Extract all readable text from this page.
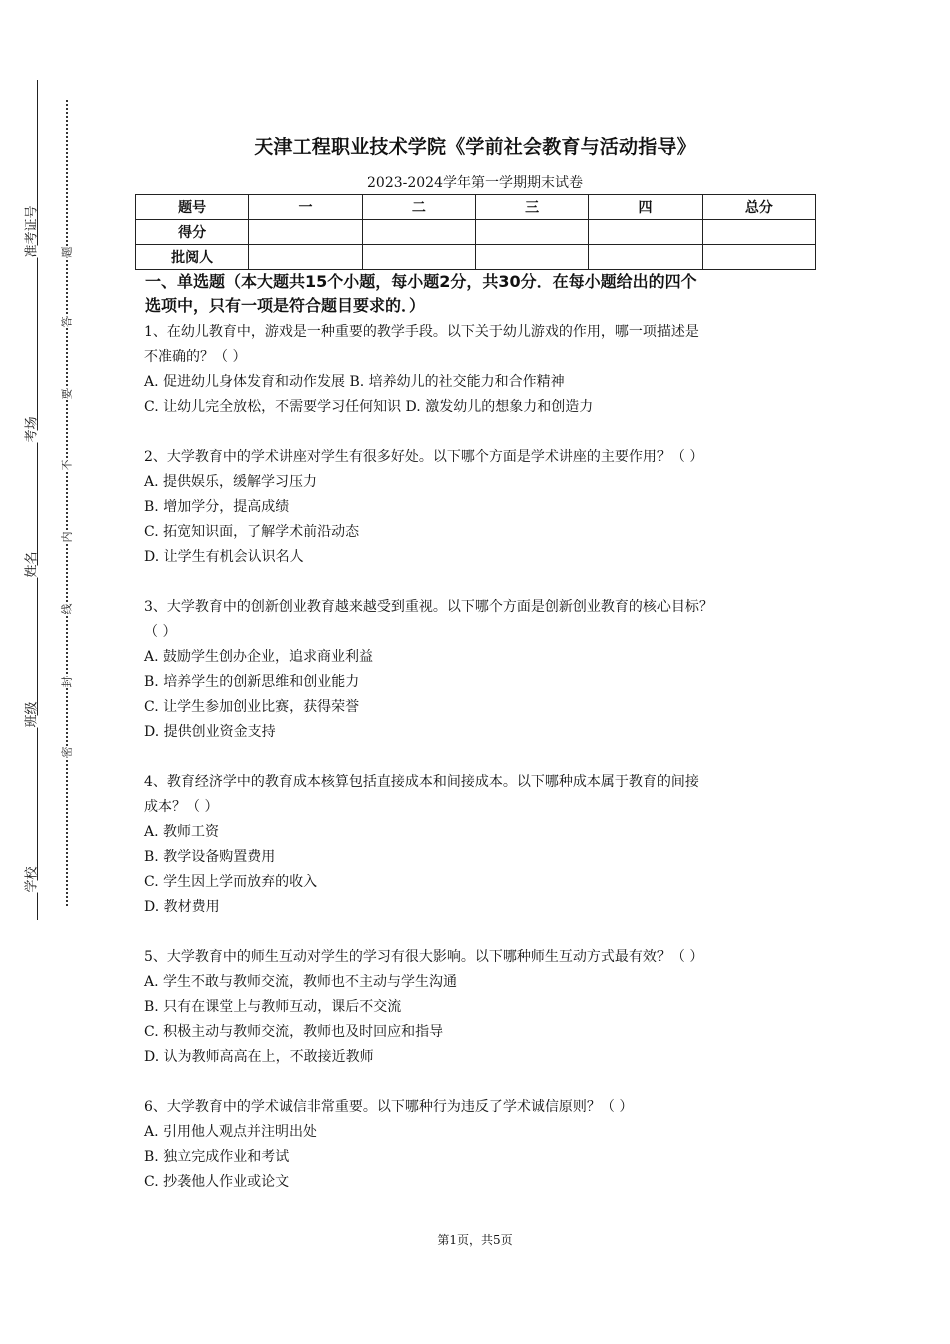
准考证号
考场
姓名
班级
学校
题
答
要
不
内
线
封
密
天津工程职业技术学院《学前社会教育与活动指导》
2023-2024学年第一学期期末试卷
题号	一	二	三	四	总分
得分					
批阅人					
一、单选题（本大题共15个小题，每小题2分，共30分．在每小题给出的四个
选项中，只有一项是符合题目要求的．）
1、在幼儿教育中，游戏是一种重要的教学手段。以下关于幼儿游戏的作用，哪一项描述是
不准确的？（ ）
A. 促进幼儿身体发育和动作发展 B. 培养幼儿的社交能力和合作精神
C. 让幼儿完全放松，不需要学习任何知识 D. 激发幼儿的想象力和创造力
2、大学教育中的学术讲座对学生有很多好处。以下哪个方面是学术讲座的主要作用？（ ）
A. 提供娱乐，缓解学习压力
B. 增加学分，提高成绩
C. 拓宽知识面，了解学术前沿动态
D. 让学生有机会认识名人
3、大学教育中的创新创业教育越来越受到重视。以下哪个方面是创新创业教育的核心目标？
（ ）
A. 鼓励学生创办企业，追求商业利益
B. 培养学生的创新思维和创业能力
C. 让学生参加创业比赛，获得荣誉
D. 提供创业资金支持
4、教育经济学中的教育成本核算包括直接成本和间接成本。以下哪种成本属于教育的间接
成本？（ ）
A. 教师工资
B. 教学设备购置费用
C. 学生因上学而放弃的收入
D. 教材费用
5、大学教育中的师生互动对学生的学习有很大影响。以下哪种师生互动方式最有效？（ ）
A. 学生不敢与教师交流，教师也不主动与学生沟通
B. 只有在课堂上与教师互动，课后不交流
C. 积极主动与教师交流，教师也及时回应和指导
D. 认为教师高高在上，不敢接近教师
6、大学教育中的学术诚信非常重要。以下哪种行为违反了学术诚信原则？（ ）
A. 引用他人观点并注明出处
B. 独立完成作业和考试
C. 抄袭他人作业或论文
第1页，共5页
